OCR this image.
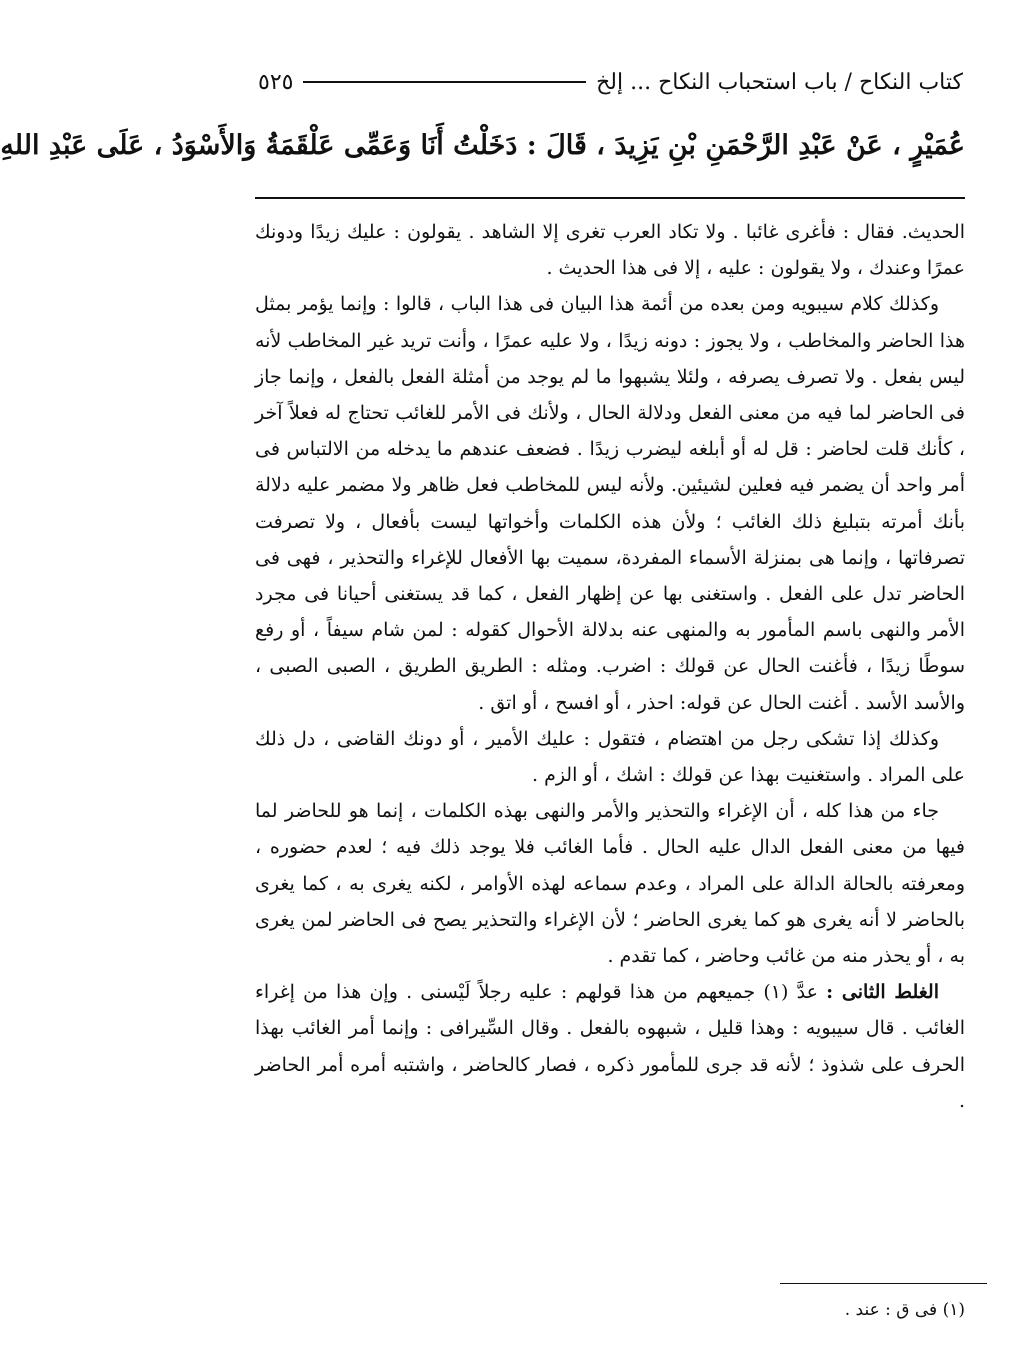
كتاب النكاح / باب استحباب النكاح ... إلخ
٥٢٥
عُمَيْرٍ ، عَنْ عَبْدِ الرَّحْمَنِ بْنِ يَزِيدَ ، قَالَ : دَخَلْتُ أَنَا وَعَمِّى عَلْقَمَةُ وَالأَسْوَدُ ، عَلَى عَبْدِ اللهِ

الحديث. فقال : فأغرى غائبا . ولا تكاد العرب تغرى إلا الشاهد . يقولون : عليك زيدًا ودونك عمرًا وعندك ، ولا يقولون : عليه ، إلا فى هذا الحديث .

وكذلك كلام سيبويه ومن بعده من أئمة هذا البيان فى هذا الباب ، قالوا : وإنما يؤمر بمثل هذا الحاضر والمخاطب ، ولا يجوز : دونه زيدًا ، ولا عليه عمرًا ، وأنت تريد غير المخاطب لأنه ليس بفعل . ولا تصرف يصرفه ، ولئلا يشبهوا ما لم يوجد من أمثلة الفعل بالفعل ، وإنما جاز فى الحاضر لما فيه من معنى الفعل ودلالة الحال ، ولأنك فى الأمر للغائب تحتاج له فعلاً آخر ، كأنك قلت لحاضر : قل له أو أبلغه ليضرب زيدًا . فضعف عندهم ما يدخله من الالتباس فى أمر واحد أن يضمر فيه فعلين لشيئين. ولأنه ليس للمخاطب فعل ظاهر ولا مضمر عليه دلالة بأنك أمرته بتبليغ ذلك الغائب ؛ ولأن هذه الكلمات وأخواتها ليست بأفعال ، ولا تصرفت تصرفاتها ، وإنما هى بمنزلة الأسماء المفردة، سميت بها الأفعال للإغراء والتحذير ، فهى فى الحاضر تدل على الفعل . واستغنى بها عن إظهار الفعل ، كما قد يستغنى أحيانا فى مجرد الأمر والنهى باسم المأمور به والمنهى عنه بدلالة الأحوال كقوله : لمن شام سيفاً ، أو رفع سوطًا زيدًا ، فأغنت الحال عن قولك : اضرب. ومثله : الطريق الطريق ، الصبى الصبى ، والأسد الأسد . أغنت الحال عن قوله: احذر ، أو افسح ، أو اتق .

وكذلك إذا تشكى رجل من اهتضام ، فتقول : عليك الأمير ، أو دونك القاضى ، دل ذلك على المراد . واستغنيت بهذا عن قولك : اشك ، أو الزم .

جاء من هذا كله ، أن الإغراء والتحذير والأمر والنهى بهذه الكلمات ، إنما هو للحاضر لما فيها من معنى الفعل الدال عليه الحال . فأما الغائب فلا يوجد ذلك فيه ؛ لعدم حضوره ، ومعرفته بالحالة الدالة على المراد ، وعدم سماعه لهذه الأوامر ، لكنه يغرى به ، كما يغرى بالحاضر لا أنه يغرى هو كما يغرى الحاضر ؛ لأن الإغراء والتحذير يصح فى الحاضر لمن يغرى به ، أو يحذر منه من غائب وحاضر ، كما تقدم .

الغلط الثانى : عدَّ (١) جميعهم من هذا قولهم : عليه رجلاً لَيْسنى . وإن هذا من إغراء الغائب . قال سيبويه : وهذا قليل ، شبهوه بالفعل . وقال السِّيرافى : وإنما أمر الغائب بهذا الحرف على شذوذ ؛ لأنه قد جرى للمأمور ذكره ، فصار كالحاضر ، واشتبه أمره أمر الحاضر .

(١) فى ق : عند .
